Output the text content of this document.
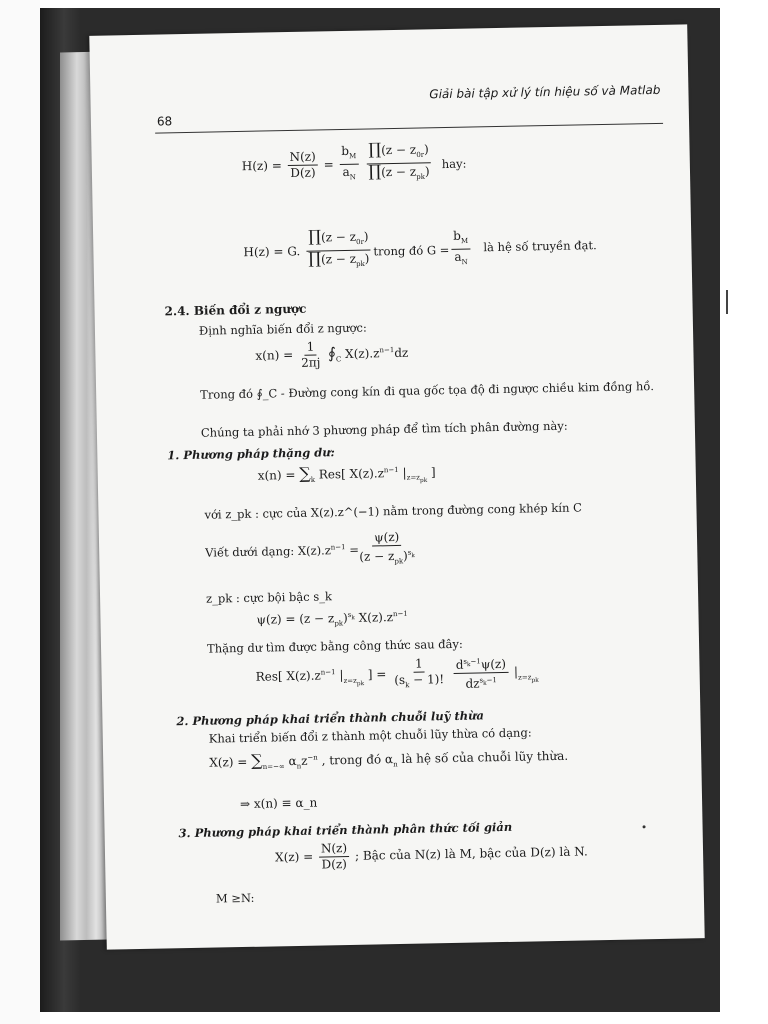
68
Giải bài tập xử lý tín hiệu số và Matlab
$H(z) = \frac{N(z)}{D(z)} = \frac{b_M}{a_N}$
$\frac{\prod(z - z_{0r})}{\prod(z - z_{pk})}$ hay:
H(z) = G. $\frac{\prod(z - z_{0r})}{\prod(z - z_{pk})}$ trong đó $G = \frac{b_M}{a_N}$ là hệ số truyền đạt.
2.4. Biến đổi z ngược
Định nghĩa biến đổi z ngược:
$x(n) = \frac{1}{2\pi j}$ $∮_C$ $X(z).z^{n-1}dz$
Trong đó ∮_C - Đường cong kín đi qua gốc tọa độ đi ngược chiều kim đồng hồ.
Chúng ta phải nhớ 3 phương pháp để tìm tích phân đường này:
1. Phương pháp thặng dư:
$x(n) = \sum_k$ Res[ $X(z).z^{n-1}$ $|_{z=z_{pk}}$ ]
với z_pk : cực của X(z).z^(−1) nằm trong đường cong khép kín C
Viết dưới dạng: $X(z).z^{n-1}$ =
$\frac{\psi(z)}{(z - z_{pk})^{s_k}}$
z_pk : cực bội bậc s_k
$\psi(z) = (z - z_{pk})^{s_k}$ $X(z).z^{n-1}$
Thặng dư tìm được bằng công thức sau đây:
Res[ $X(z).z^{n-1}$ $|_{z=z_{pk}}$ ] = $\frac{1}{(s_k - 1)!}$
$\frac{d^{s_k-1}\psi(z)}{dz^{s_k-1}} |_{z=z_{pk}}$
2. Phương pháp khai triển thành chuỗi luỹ thừa
Khai triển biến đổi z thành một chuỗi lũy thừa có dạng:
$X(z) = \sum_{n=-\infty}$ $\alpha_nz^{-n}$ , trong đó $\alpha_n$ là hệ số của chuỗi lũy thừa.
⇒ x(n) ≡ α_n
3. Phương pháp khai triển thành phân thức tối giản
$X(z) = \frac{N(z)}{D(z)}$ ; Bậc của N(z) là M, bậc của D(z) là N.
M ≥N:
